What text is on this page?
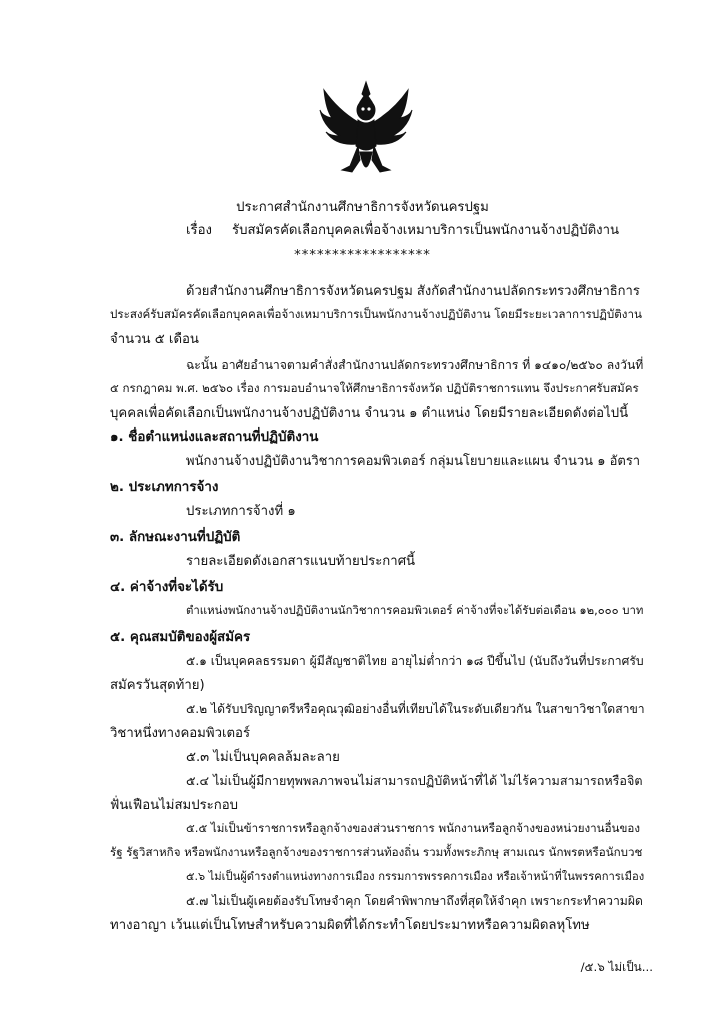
ประกาศสำนักงานศึกษาธิการจังหวัดนครปฐม
เรื่อง รับสมัครคัดเลือกบุคคลเพื่อจ้างเหมาบริการเป็นพนักงานจ้างปฏิบัติงาน
******************
ด้วยสำนักงานศึกษาธิการจังหวัดนครปฐม สังกัดสำนักงานปลัดกระทรวงศึกษาธิการ
ประสงค์รับสมัครคัดเลือกบุคคลเพื่อจ้างเหมาบริการเป็นพนักงานจ้างปฏิบัติงาน โดยมีระยะเวลาการปฏิบัติงาน
จำนวน ๕ เดือน
ฉะนั้น อาศัยอำนาจตามคำสั่งสำนักงานปลัดกระทรวงศึกษาธิการ ที่ ๑๔๑๐/๒๕๖๐ ลงวันที่
๕ กรกฎาคม พ.ศ. ๒๕๖๐ เรื่อง การมอบอำนาจให้ศึกษาธิการจังหวัด ปฏิบัติราชการแทน จึงประกาศรับสมัคร
บุคคลเพื่อคัดเลือกเป็นพนักงานจ้างปฏิบัติงาน จำนวน ๑ ตำแหน่ง โดยมีรายละเอียดดังต่อไปนี้
๑. ชื่อตำแหน่งและสถานที่ปฏิบัติงาน
พนักงานจ้างปฏิบัติงานวิชาการคอมพิวเตอร์ กลุ่มนโยบายและแผน จำนวน ๑ อัตรา
๒. ประเภทการจ้าง
ประเภทการจ้างที่ ๑
๓. ลักษณะงานที่ปฏิบัติ
รายละเอียดดังเอกสารแนบท้ายประกาศนี้
๔. ค่าจ้างที่จะได้รับ
ตำแหน่งพนักงานจ้างปฏิบัติงานนักวิชาการคอมพิวเตอร์ ค่าจ้างที่จะได้รับต่อเดือน ๑๒,๐๐๐ บาท
๕. คุณสมบัติของผู้สมัคร
๕.๑ เป็นบุคคลธรรมดา ผู้มีสัญชาติไทย อายุไม่ต่ำกว่า ๑๘ ปีขึ้นไป (นับถึงวันที่ประกาศรับ
สมัครวันสุดท้าย)
๕.๒ ได้รับปริญญาตรีหรือคุณวุฒิอย่างอื่นที่เทียบได้ในระดับเดียวกัน ในสาขาวิชาใดสาขา
วิชาหนึ่งทางคอมพิวเตอร์
๕.๓ ไม่เป็นบุคคลล้มละลาย
๕.๔ ไม่เป็นผู้มีกายทุพพลภาพจนไม่สามารถปฏิบัติหน้าที่ได้ ไม่ไร้ความสามารถหรือจิต
ฟั่นเฟือนไม่สมประกอบ
๕.๕ ไม่เป็นข้าราชการหรือลูกจ้างของส่วนราชการ พนักงานหรือลูกจ้างของหน่วยงานอื่นของ
รัฐ รัฐวิสาหกิจ หรือพนักงานหรือลูกจ้างของราชการส่วนท้องถิ่น รวมทั้งพระภิกษุ สามเณร นักพรตหรือนักบวช
๕.๖ ไม่เป็นผู้ดำรงตำแหน่งทางการเมือง กรรมการพรรคการเมือง หรือเจ้าหน้าที่ในพรรคการเมือง
๕.๗ ไม่เป็นผู้เคยต้องรับโทษจำคุก โดยคำพิพากษาถึงที่สุดให้จำคุก เพราะกระทำความผิด
ทางอาญา เว้นแต่เป็นโทษสำหรับความผิดที่ได้กระทำโดยประมาทหรือความผิดลหุโทษ
/๕.๖ ไม่เป็น...
